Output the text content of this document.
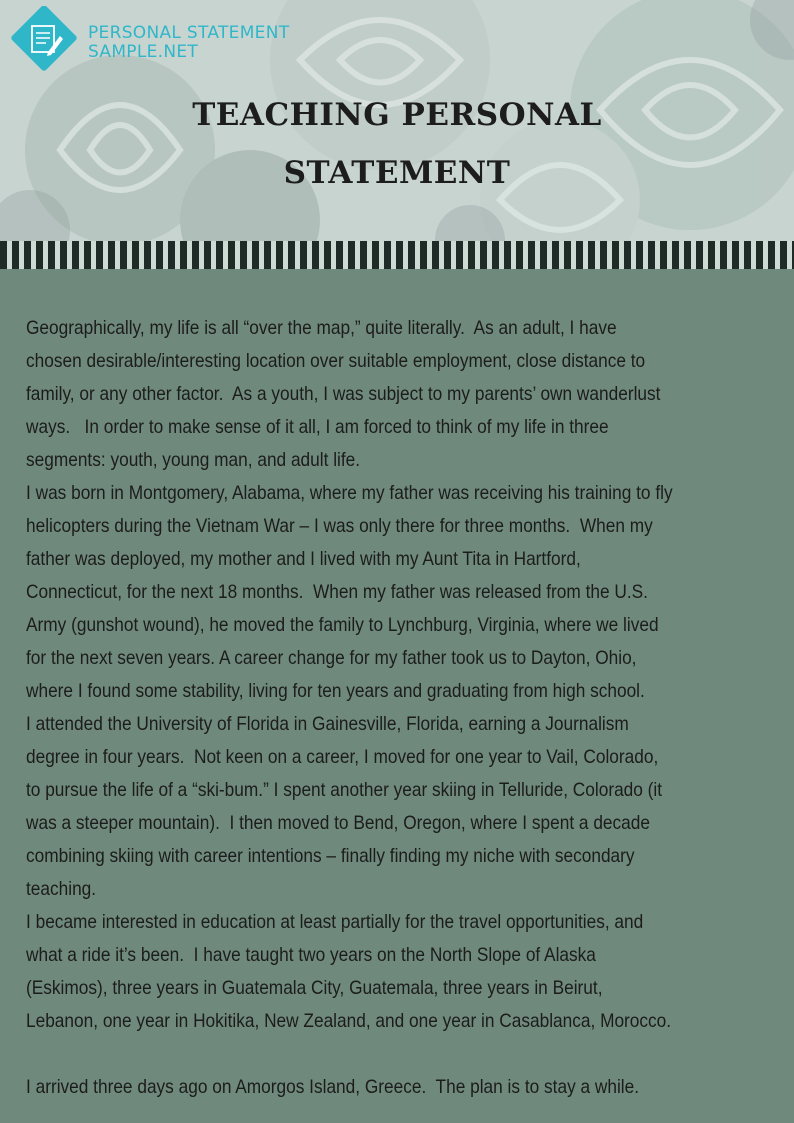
PERSONAL STATEMENT
SAMPLE.NET
TEACHING PERSONAL
STATEMENT
Geographically, my life is all “over the map,” quite literally.  As an adult, I have
chosen desirable/interesting location over suitable employment, close distance to
family, or any other factor.  As a youth, I was subject to my parents’ own wanderlust
ways.   In order to make sense of it all, I am forced to think of my life in three
segments: youth, young man, and adult life.
I was born in Montgomery, Alabama, where my father was receiving his training to fly
helicopters during the Vietnam War – I was only there for three months.  When my
father was deployed, my mother and I lived with my Aunt Tita in Hartford,
Connecticut, for the next 18 months.  When my father was released from the U.S.
Army (gunshot wound), he moved the family to Lynchburg, Virginia, where we lived
for the next seven years. A career change for my father took us to Dayton, Ohio,
where I found some stability, living for ten years and graduating from high school.
I attended the University of Florida in Gainesville, Florida, earning a Journalism
degree in four years.  Not keen on a career, I moved for one year to Vail, Colorado,
to pursue the life of a “ski-bum.” I spent another year skiing in Telluride, Colorado (it
was a steeper mountain).  I then moved to Bend, Oregon, where I spent a decade
combining skiing with career intentions – finally finding my niche with secondary
teaching.
I became interested in education at least partially for the travel opportunities, and
what a ride it’s been.  I have taught two years on the North Slope of Alaska
(Eskimos), three years in Guatemala City, Guatemala, three years in Beirut,
Lebanon, one year in Hokitika, New Zealand, and one year in Casablanca, Morocco.
I arrived three days ago on Amorgos Island, Greece.  The plan is to stay a while.
